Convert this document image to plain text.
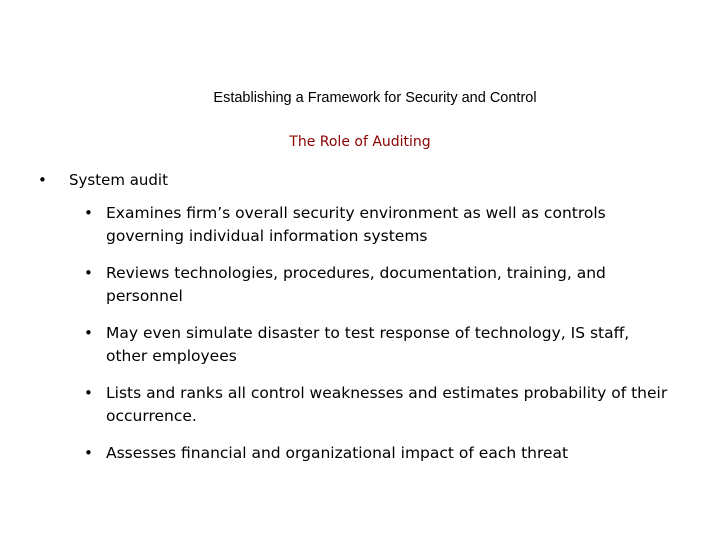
Establishing a Framework for Security and Control
The Role of Auditing
• System audit
• Examines firm’s overall security environment as well as controls governing individual information systems
• Reviews technologies, procedures, documentation, training, and personnel
• May even simulate disaster to test response of technology, IS staff, other employees
• Lists and ranks all control weaknesses and estimates probability of their occurrence.
• Assesses financial and organizational impact of each threat
